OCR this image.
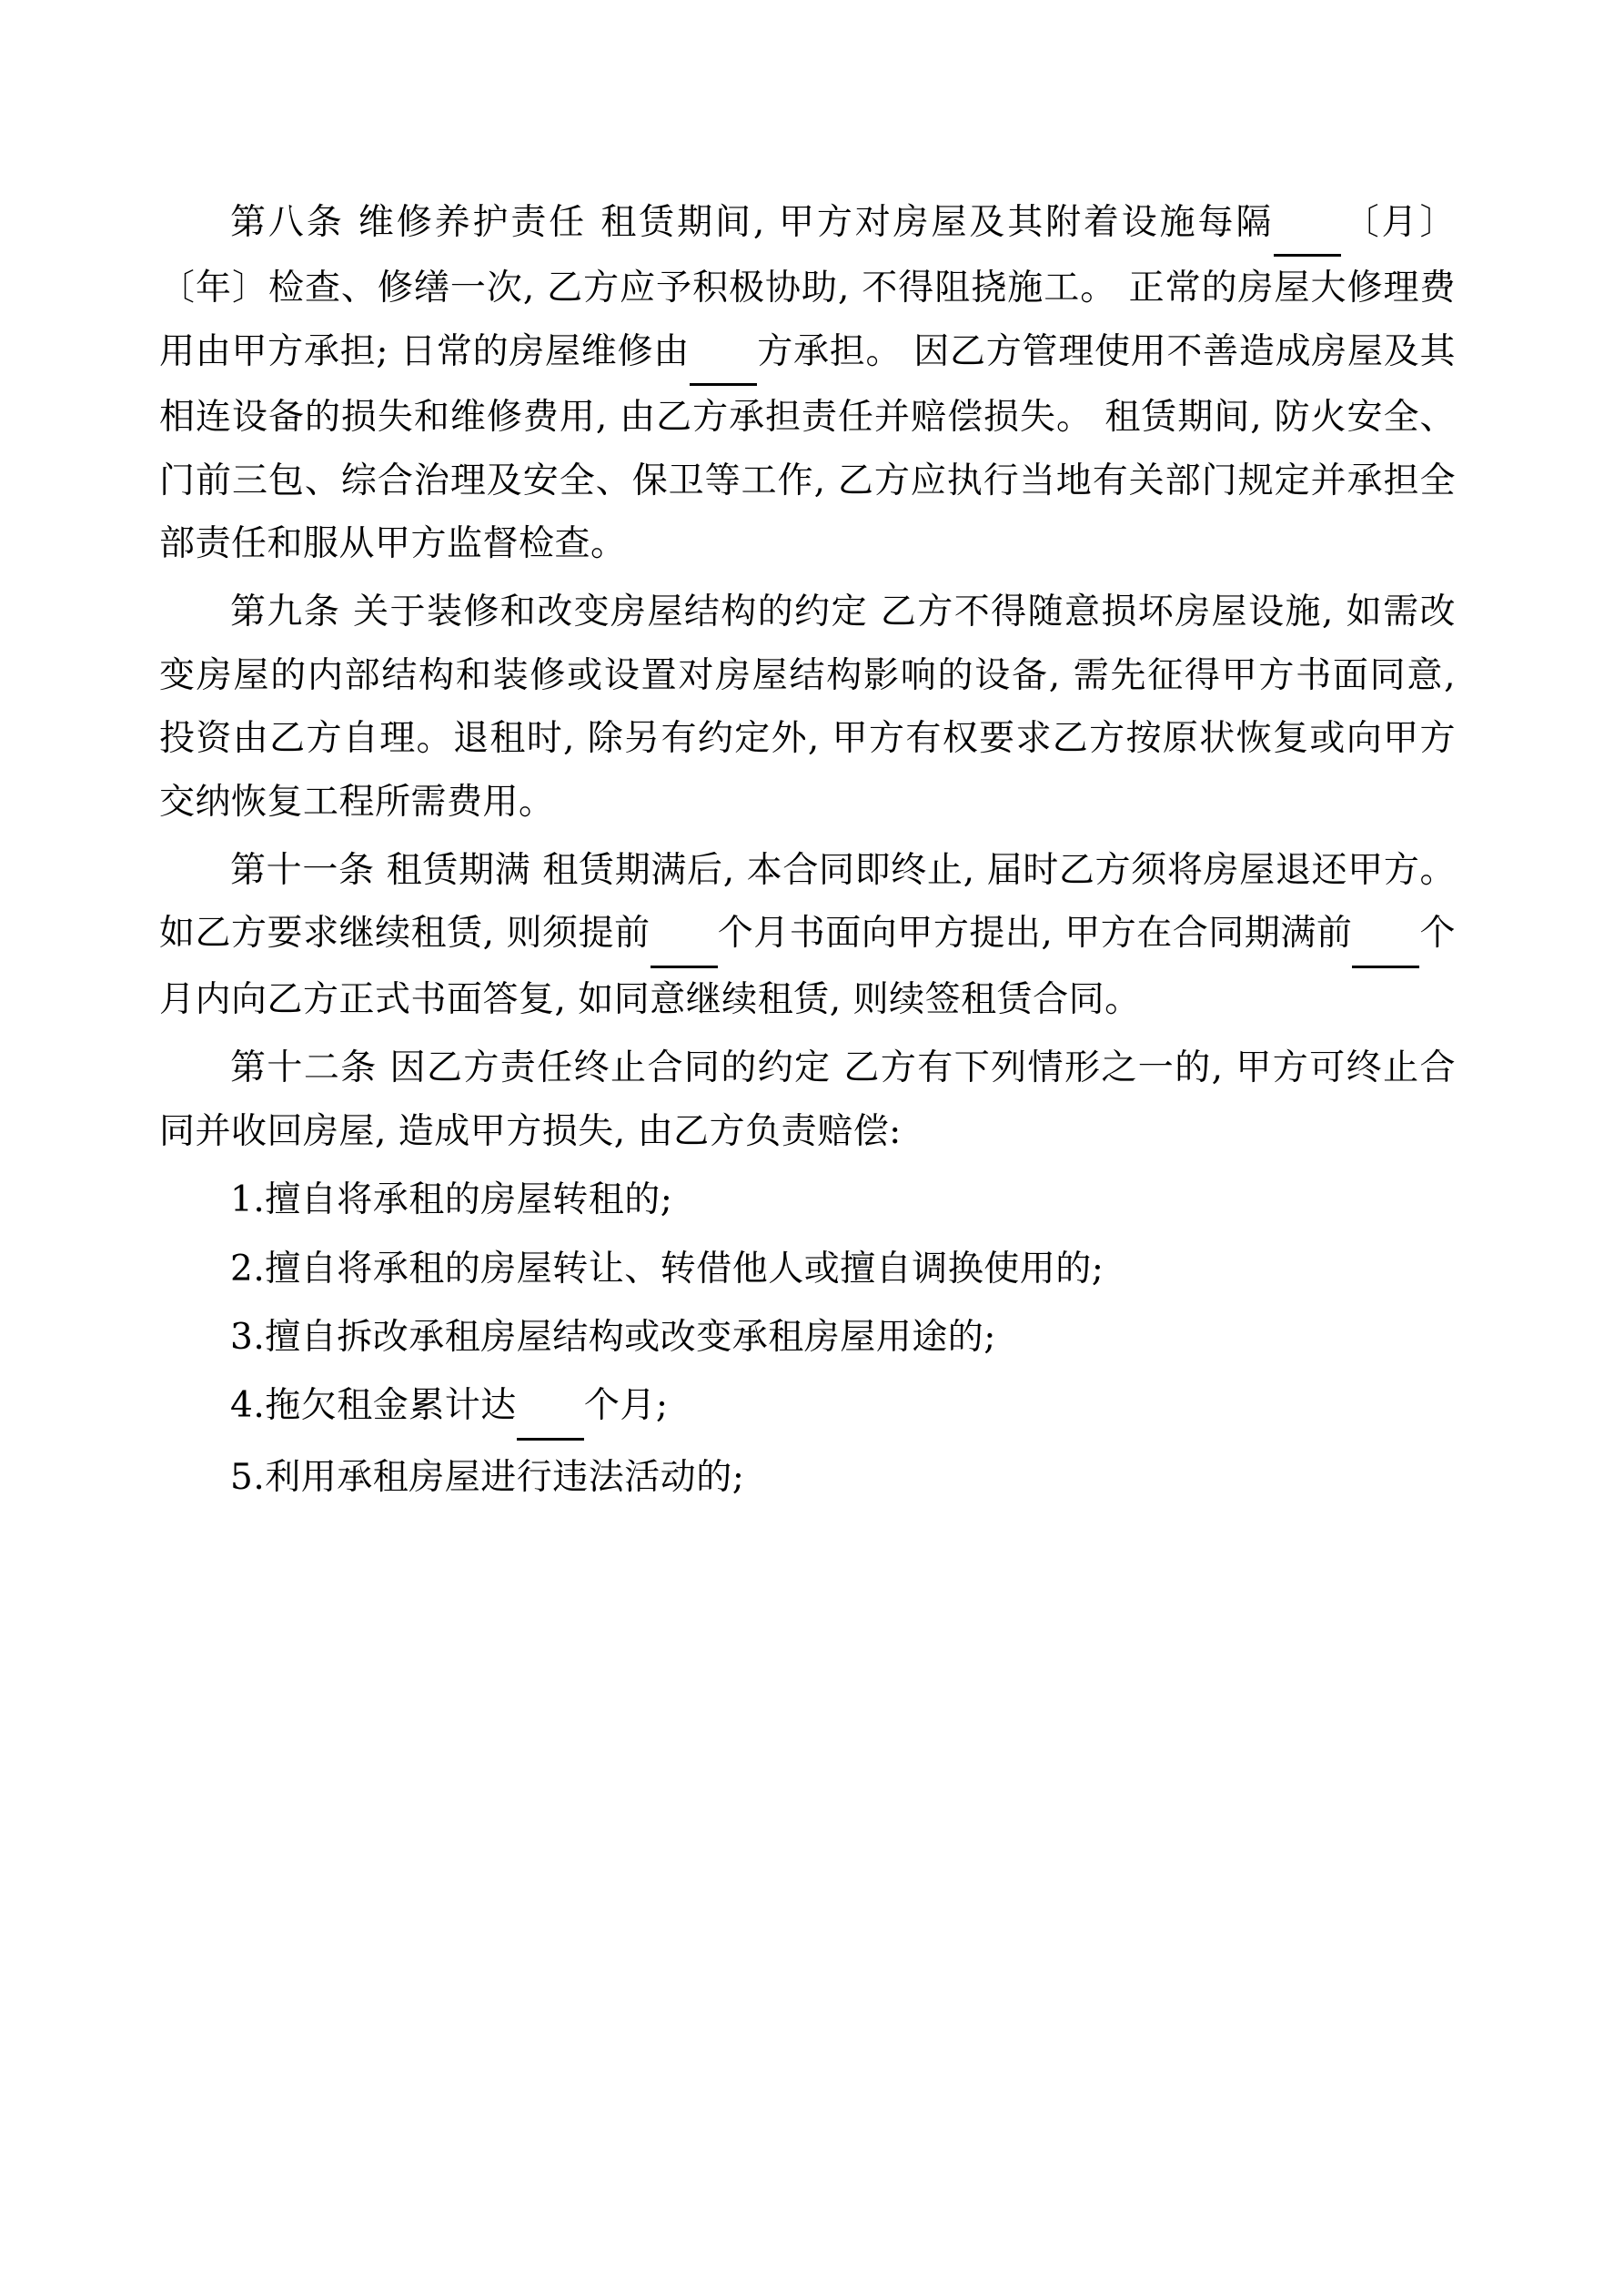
第八条 维修养护责任 租赁期间, 甲方对房屋及其附着设施每隔 〔月〕〔年〕检查、修缮一次, 乙方应予积极协助, 不得阻挠施工。 正常的房屋大修理费用由甲方承担; 日常的房屋维修由 方承担。 因乙方管理使用不善造成房屋及其相连设备的损失和维修费用, 由乙方承担责任并赔偿损失。 租赁期间, 防火安全、门前三包、综合治理及安全、保卫等工作, 乙方应执行当地有关部门规定并承担全部责任和服从甲方监督检查。
第九条 关于装修和改变房屋结构的约定 乙方不得随意损坏房屋设施, 如需改变房屋的内部结构和装修或设置对房屋结构影响的设备, 需先征得甲方书面同意, 投资由乙方自理。退租时, 除另有约定外, 甲方有权要求乙方按原状恢复或向甲方交纳恢复工程所需费用。
第十一条 租赁期满 租赁期满后, 本合同即终止, 届时乙方须将房屋退还甲方。如乙方要求继续租赁, 则须提前 个月书面向甲方提出, 甲方在合同期满前 个月内向乙方正式书面答复, 如同意继续租赁, 则续签租赁合同。
第十二条 因乙方责任终止合同的约定 乙方有下列情形之一的, 甲方可终止合同并收回房屋, 造成甲方损失, 由乙方负责赔偿:
1.擅自将承租的房屋转租的;
2.擅自将承租的房屋转让、转借他人或擅自调换使用的;
3.擅自拆改承租房屋结构或改变承租房屋用途的;
4.拖欠租金累计达 个月;
5.利用承租房屋进行违法活动的;
